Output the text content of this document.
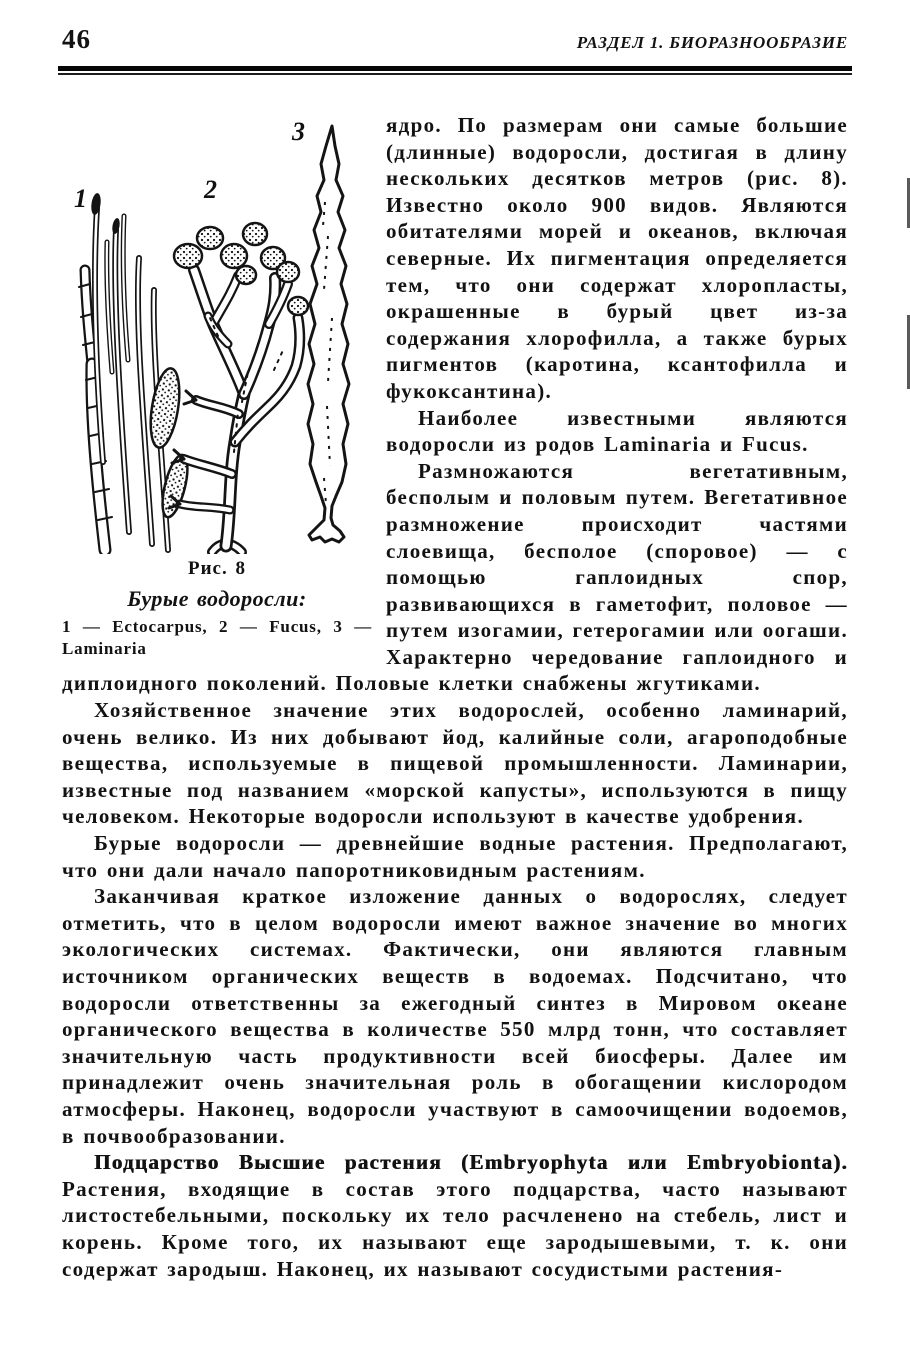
46	РАЗДЕЛ 1. БИОРАЗНООБРАЗИЕ
1	2
3
Рис. 8
Бурые водоросли:
1 — Ectocarpus, 2 — Fucus, 3 — Laminaria

ядро. По размерам они самые большие (длинные) водоросли, достигая в длину нескольких десятков метров (рис. 8). Известно около 900 видов. Являются обитателями морей и океанов, включая северные. Их пигментация определяется тем, что они содержат хлоропласты, окрашенные в бурый цвет из-за содержания хлорофилла, а также бурых пигментов (каротина, ксантофилла и фукоксантина).

Наиболее известными являются водоросли из родов Laminaria и Fucus.

Размножаются вегетативным, бесполым и половым путем. Вегетативное размножение происходит частями слоевища, бесполое (споровое) — с помощью гаплоидных спор, развивающихся в гаметофит, половое — путем изогамии, гетерогамии или оогаши. Характерно чередование гаплоидного и диплоидного поколений. Половые клетки снабжены жгутиками.

Хозяйственное значение этих водорослей, особенно ламинарий, очень велико. Из них добывают йод, калийные соли, агароподобные вещества, используемые в пищевой промышленности. Ламинарии, известные под названием «морской капусты», используются в пищу человеком. Некоторые водоросли используют в качестве удобрения.

Бурые водоросли — древнейшие водные растения. Предполагают, что они дали начало папоротниковидным растениям.

Заканчивая краткое изложение данных о водорослях, следует отметить, что в целом водоросли имеют важное значение во многих экологических системах. Фактически, они являются главным источником органических веществ в водоемах. Подсчитано, что водоросли ответственны за ежегодный синтез в Мировом океане органического вещества в количестве 550 млрд тонн, что составляет значительную часть продуктивности всей биосферы. Далее им принадлежит очень значительная роль в обогащении кислородом атмосферы. Наконец, водоросли участвуют в самоочищении водоемов, в почвообразовании.

Подцарство Высшие растения (Embryophyta или Embryobionta). Растения, входящие в состав этого подцарства, часто называют листостебельными, поскольку их тело расчленено на стебель, лист и корень. Кроме того, их называют еще зародышевыми, т. к. они содержат зародыш. Наконец, их называют сосудистыми растения-
